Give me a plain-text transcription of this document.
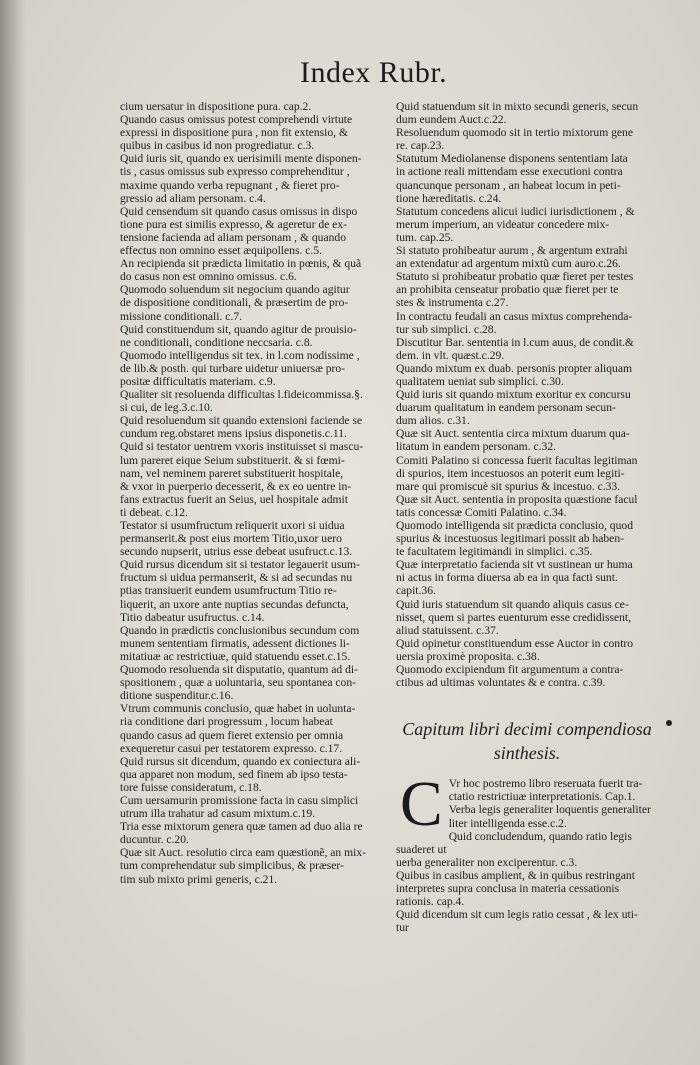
Index Rubr.
cium uersatur in dispositione pura. cap.2.
Quando casus omissus potest comprehendi virtute
expressi in dispositione pura , non fit extensio, &
quibus in casibus id non progrediatur. c.3.
Quid iuris sit, quando ex uerisimili mente disponen-
tis , casus omissus sub expresso comprehenditur ,
maxime quando verba repugnant , & fieret pro-
gressio ad aliam personam. c.4.
Quid censendum sit quando casus omissus in dispo
tione pura est similis expresso, & ageretur de ex-
tensione facienda ad aliam personam , & quando
effectus non omnino esset æquipollens. c.5.
An recipienda sit prædicta limitatio in pœnis, & quã
do casus non est omnino omissus. c.6.
Quomodo soluendum sit negocium quando agitur
de dispositione conditionali, & præsertim de pro-
missione conditionali. c.7.
Quid constituendum sit, quando agitur de prouisio-
ne conditionali, conditione neccsaria. c.8.
Quomodo intelligendus sit tex. in l.com nodissime ,
de lib.& posth. qui turbare uidetur uniuersæ pro-
positæ difficultatis materiam. c.9.
Qualiter sit resoluenda difficultas l.fideicommissa.§.
si cui, de leg.3.c.10.
Quid resoluendum sit quando extensioni faciende se
cundum reg.obstaret mens ipsius disponetis.c.11.
Quid si testator uentrem vxoris instituisset si mascu-
lum pareret eique Seium substituerit. & si fœmi-
nam, vel neminem pareret substituerit hospitale,
& vxor in puerperio decesserit, & ex eo uentre in-
fans extractus fuerit an Seius, uel hospitale admit
ti debeat. c.12.
Testator si usumfructum reliquerit uxori si uidua
permanserit.& post eius mortem Titio,uxor uero
secundo nupserit, utrius esse debeat usufruct.c.13.
Quid rursus dicendum sit si testator legauerit usum-
fructum si uidua permanserit, & si ad secundas nu
ptias transiuerit eundem usumfructum Titio re-
liquerit, an uxore ante nuptias secundas defuncta,
Titio dabeatur usufructus. c.14.
Quando in prædictis conclusionibus secundum com
munem sententiam firmatis, adessent dictiones li-
mitatiuæ ac restrictiuæ, quid statuendu esset.c.15.
Quomodo resoluenda sit disputatio, quantum ad di-
spositionem , quæ a uoluntaria, seu spontanea con-
ditione suspenditur.c.16.
Vtrum communis conclusio, quæ habet in uolunta-
ria conditione dari progressum , locum habeat
quando casus ad quem fieret extensio per omnia
exequeretur casui per testatorem expresso. c.17.
Quid rursus sit dicendum, quando ex coniectura ali-
qua apparet non modum, sed finem ab ipso testa-
tore fuisse consideratum, c.18.
Cum uersamurin promissione facta in casu simplici
utrum illa trahatur ad casum mixtum.c.19.
Tria esse mixtorum genera quæ tamen ad duo alia re
ducuntur. c.20.
Quæ sit Auct. resolutio circa eam quæstionẽ, an mix-
tum comprehendatur sub simplicibus, & præser-
tim sub mixto primi generis, c.21.
Quid statuendum sit in mixto secundi generis, secun
dum eundem Auct.c.22.
Resoluendum quomodo sit in tertio mixtorum gene
re. cap.23.
Statutum Mediolanense disponens sententiam lata
in actione reali mittendam esse executioni contra
quancunque personam , an habeat locum in peti-
tione hæreditatis. c.24.
Statutum concedens alicui iudici iurisdictionem , &
merum imperium, an videatur concedere mix-
tum. cap.25.
Si statuto prohibeatur aurum , & argentum extrahi
an extendatur ad argentum mixtũ cum auro.c.26.
Statuto si prohibeatur probatio quæ fieret per testes
an prohibita censeatur probatio quæ fieret per te
stes & instrumenta c.27.
In contractu feudali an casus mixtus comprehenda-
tur sub simplici. c.28.
Discutitur Bar. sententia in l.cum auus, de condit.&
dem. in vlt. quæst.c.29.
Quando mixtum ex duab. personis propter aliquam
qualitatem ueniat sub simplici. c.30.
Quid iuris sit quando mixtum exoritur ex concursu
duarum qualitatum in eandem personam secun-
dum alios. c.31.
Quæ sit Auct. sententia circa mixtum duarum qua-
litatum in eandem personam. c.32.
Comiti Palatino si concessa fuerit facultas legitiman
di spurios, item incestuosos an poterit eum legiti-
mare qui promiscuè sit spurius & incestuo. c.33.
Quæ sit Auct. sententia in proposita quæstione facul
tatis concessæ Comiti Palatino. c.34.
Quomodo intelligenda sit prædicta conclusio, quod
spurius & incestuosus legitimari possit ab haben-
te facultatem legitimandi in simplici. c.35.
Quæ interpretatio facienda sit vt sustinean ur huma
ni actus in forma diuersa ab ea in qua facti sunt.
capit.36.
Quid iuris statuendum sit quando aliquis casus ce-
nisset, quem si partes euenturum esse credidissent,
aliud statuissent. c.37.
Quid opinetur constituendum esse Auctor in contro
uersia proximè proposita. c.38.
Quomodo excipiendum fit argumentum a contra-
ctibus ad ultimas voluntates & e contra. c.39.
Capitum libri decimi compendiosa
sinthesis.
C Vr hoc postremo libro reseruata fuerit tra-
ctatio restrictiuæ interpretationis. Cap.1.
Verba legis generaliter loquentis generaliter
liter intelligenda esse.c.2.
Quid concludendum, quando ratio legis suaderet ut
uerba generaliter non exciperentur. c.3.
Quibus in casibus amplient, & in quibus restringant
interpretes supra conclusa in materia cessationis
rationis. cap.4.
Quid dicendum sit cum legis ratio cessat , & lex uti-
tur
